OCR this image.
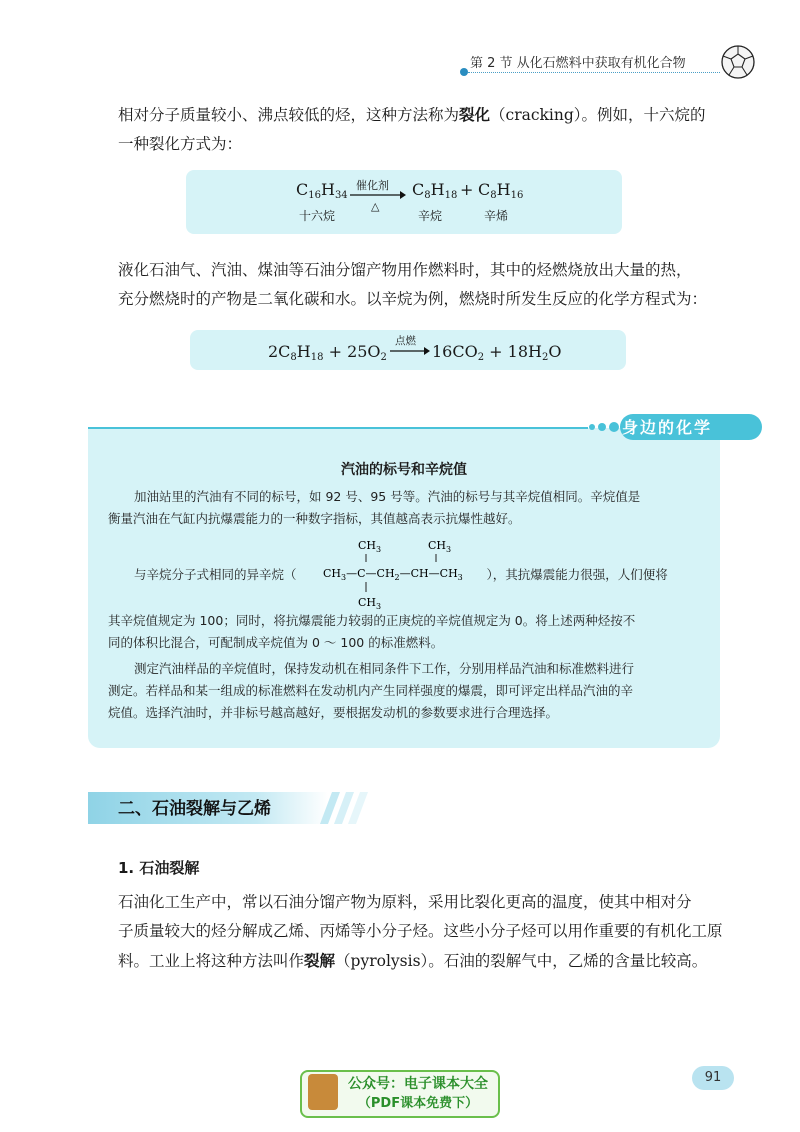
第 2 节 从化石燃料中获取有机化合物

相对分子质量较小、沸点较低的烃，这种方法称为裂化（cracking）。例如，十六烷的

一种裂化方式为：

$C_{16}H_{34}$
十六烷
催化剂
△
$C_8H_{18}$
辛烷
+ $C_8H_{16}$
辛烯

液化石油气、汽油、煤油等石油分馏产物用作燃料时，其中的烃燃烧放出大量的热，

充分燃烧时的产物是二氧化碳和水。以辛烷为例，燃烧时所发生反应的化学方程式为：

$2C_8H_{18} + 25O_2$
点燃
$16CO_2 + 18H_2O$
身边的化学
汽油的标号和辛烷值

加油站里的汽油有不同的标号，如 92 号、95 号等。汽油的标号与其辛烷值相同。辛烷值是

衡量汽油在气缸内抗爆震能力的一种数字指标，其值越高表示抗爆性越好。

与辛烷分子式相同的异辛烷（	），其抗爆震能力很强，人们便将
$CH_3$	$CH_3$
$CH_3—C—CH_2—CH—CH_3$
$CH_3$

其辛烷值规定为 100；同时，将抗爆震能力较弱的正庚烷的辛烷值规定为 0。将上述两种烃按不

同的体积比混合，可配制成辛烷值为 0 ～ 100 的标准燃料。

测定汽油样品的辛烷值时，保持发动机在相同条件下工作，分别用样品汽油和标准燃料进行

测定。若样品和某一组成的标准燃料在发动机内产生同样强度的爆震，即可评定出样品汽油的辛

烷值。选择汽油时，并非标号越高越好，要根据发动机的参数要求进行合理选择。

二、石油裂解与乙烯
1. 石油裂解

石油化工生产中，常以石油分馏产物为原料，采用比裂化更高的温度，使其中相对分

子质量较大的烃分解成乙烯、丙烯等小分子烃。这些小分子烃可以用作重要的有机化工原

料。工业上将这种方法叫作裂解（pyrolysis）。石油的裂解气中，乙烯的含量比较高。

公众号：电子课本大全
（PDF课本免费下）
91
